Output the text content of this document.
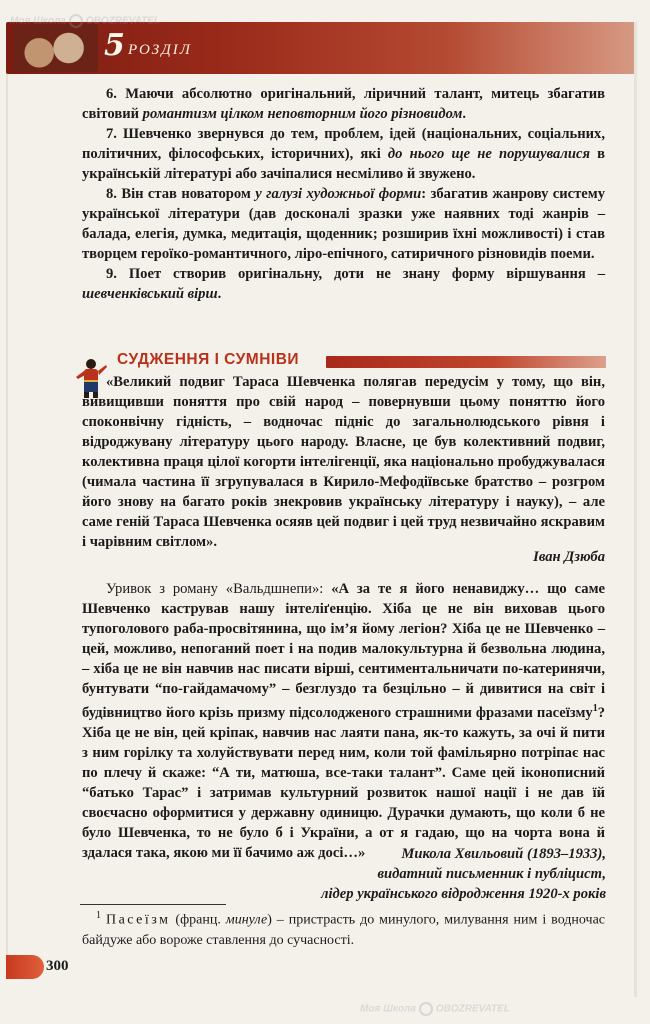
5 РОЗДІЛ

6. Маючи абсолютно оригінальний, ліричний талант, митець збагатив світовий романтизм цілком неповторним його різновидом.

7. Шевченко звернувся до тем, проблем, ідей (національних, соціальних, політичних, філософських, історичних), які до нього ще не порушувалися в українській літературі або зачіпалися несміливо й звужено.

8. Він став новатором у галузі художньої форми: збагатив жанрову систему української літератури (дав досконалі зразки уже наявних тоді жанрів – балада, елегія, думка, медитація, щоденник; розширив їхні можливості) і став творцем героїко-романтичного, ліро-епічного, сатиричного різновидів поеми.

9. Поет створив оригінальну, доти не знану форму віршування – шевченківський вірш.

СУДЖЕННЯ І СУМНІВИ

«Великий подвиг Тараса Шевченка полягав передусім у тому, що він, вивищивши поняття про свій народ – повернувши цьому поняттю його споконвічну гідність, – водночас підніс до загальнолюдського рівня і відроджувану літературу цього народу. Власне, це був колективний подвиг, колективна праця цілої когорти інтелігенції, яка національно пробуджувалася (чимала частина її згрупувалася в Кирило-Мефодіївське братство – розгром його знову на багато років знекровив українську літературу і науку), – але саме геній Тараса Шевченка осяяв цей подвиг і цей труд незвичайно яскравим і чарівним світлом».

Іван Дзюба

Уривок з роману «Вальдшнепи»: «А за те я його ненавиджу… що саме Шевченко кастрував нашу інтеліґенцію. Хіба це не він виховав цього тупоголового раба-просвітянина, що ім’я йому легіон? Хіба це не Шевченко – цей, можливо, непоганий поет і на подив малокультурна й безвольна людина, – хіба це не він навчив нас писати вірші, сентиментальничати по-катеринячи, бунтувати “по-гайдамачому” – безглуздо та безцільно – й дивитися на світ і будівництво його крізь призму підсолодженого страшними фразами пасеїзму$^1$? Хіба це не він, цей кріпак, навчив нас лаяти пана, як-то кажуть, за очі й пити з ним горілку та холуйствувати перед ним, коли той фамільярно потріпає нас по плечу й скаже: “А ти, матюша, все-таки талант”. Саме цей іконописний “батько Тарас” і затримав культурний розвиток нашої нації і не дав їй своєчасно оформитися у державну одиницю. Дурачки думають, що коли б не було Шевченка, то не було б і України, а от я гадаю, що на чорта вона й здалася така, якою ми її бачимо аж досі…»	Микола Хвильовий (1893–1933),
видатний письменник і публіцист,
лідер українського відродження 1920-х років
$^1$ Пасеїзм (франц. минуле) – пристрасть до минулого, милування ним і водночас байдуже або вороже ставлення до сучасності.
300
Моя Школа OBOZREVATEL
Моя Школа OBOZREVATEL
